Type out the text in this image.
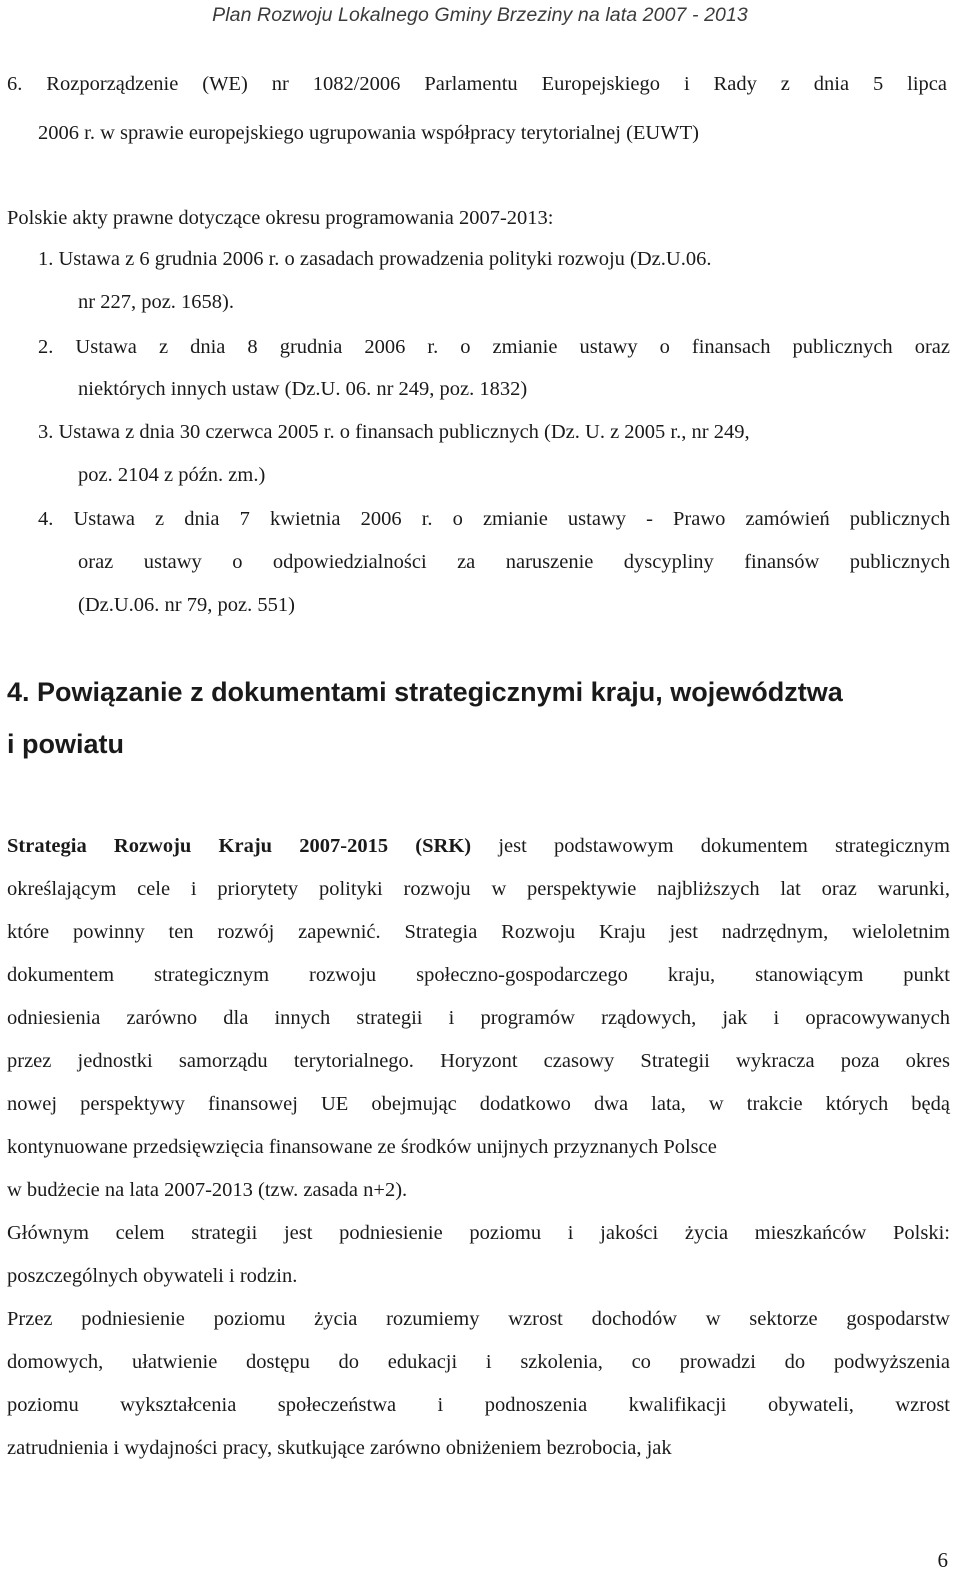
Plan Rozwoju Lokalnego Gminy Brzeziny na lata 2007 - 2013
6. Rozporządzenie (WE) nr 1082/2006 Parlamentu Europejskiego i Rady z dnia 5 lipca
2006 r. w sprawie europejskiego ugrupowania współpracy terytorialnej (EUWT)
Polskie akty prawne dotyczące okresu programowania 2007-2013:
1. Ustawa z 6 grudnia 2006 r. o zasadach prowadzenia polityki rozwoju (Dz.U.06.
nr 227, poz. 1658).
2. Ustawa z dnia 8 grudnia 2006 r. o zmianie ustawy o finansach publicznych oraz
niektórych innych ustaw (Dz.U. 06. nr 249, poz. 1832)
3. Ustawa z dnia 30 czerwca 2005 r. o finansach publicznych (Dz. U. z 2005 r., nr 249,
poz. 2104 z późn. zm.)
4. Ustawa z dnia 7 kwietnia 2006 r. o zmianie ustawy - Prawo zamówień publicznych
oraz ustawy o odpowiedzialności za naruszenie dyscypliny finansów publicznych
(Dz.U.06. nr 79, poz. 551)
4. Powiązanie z dokumentami strategicznymi kraju, województwa
i powiatu
Strategia Rozwoju Kraju 2007-2015 (SRK) jest podstawowym dokumentem strategicznym
określającym cele i priorytety polityki rozwoju w perspektywie najbliższych lat oraz warunki,
które powinny ten rozwój zapewnić. Strategia Rozwoju Kraju jest nadrzędnym, wieloletnim
dokumentem strategicznym rozwoju społeczno-gospodarczego kraju, stanowiącym punkt
odniesienia zarówno dla innych strategii i programów rządowych, jak i opracowywanych
przez jednostki samorządu terytorialnego. Horyzont czasowy Strategii wykracza poza okres
nowej perspektywy finansowej UE obejmując dodatkowo dwa lata, w trakcie których będą
kontynuowane przedsięwzięcia finansowane ze środków unijnych przyznanych Polsce
w budżecie na lata 2007-2013 (tzw. zasada n+2).
Głównym celem strategii jest podniesienie poziomu i jakości życia mieszkańców Polski:
poszczególnych obywateli i rodzin.
Przez podniesienie poziomu życia rozumiemy wzrost dochodów w sektorze gospodarstw
domowych, ułatwienie dostępu do edukacji i szkolenia, co prowadzi do podwyższenia
poziomu wykształcenia społeczeństwa i podnoszenia kwalifikacji obywateli, wzrost
zatrudnienia i wydajności pracy, skutkujące zarówno obniżeniem bezrobocia, jak
6
